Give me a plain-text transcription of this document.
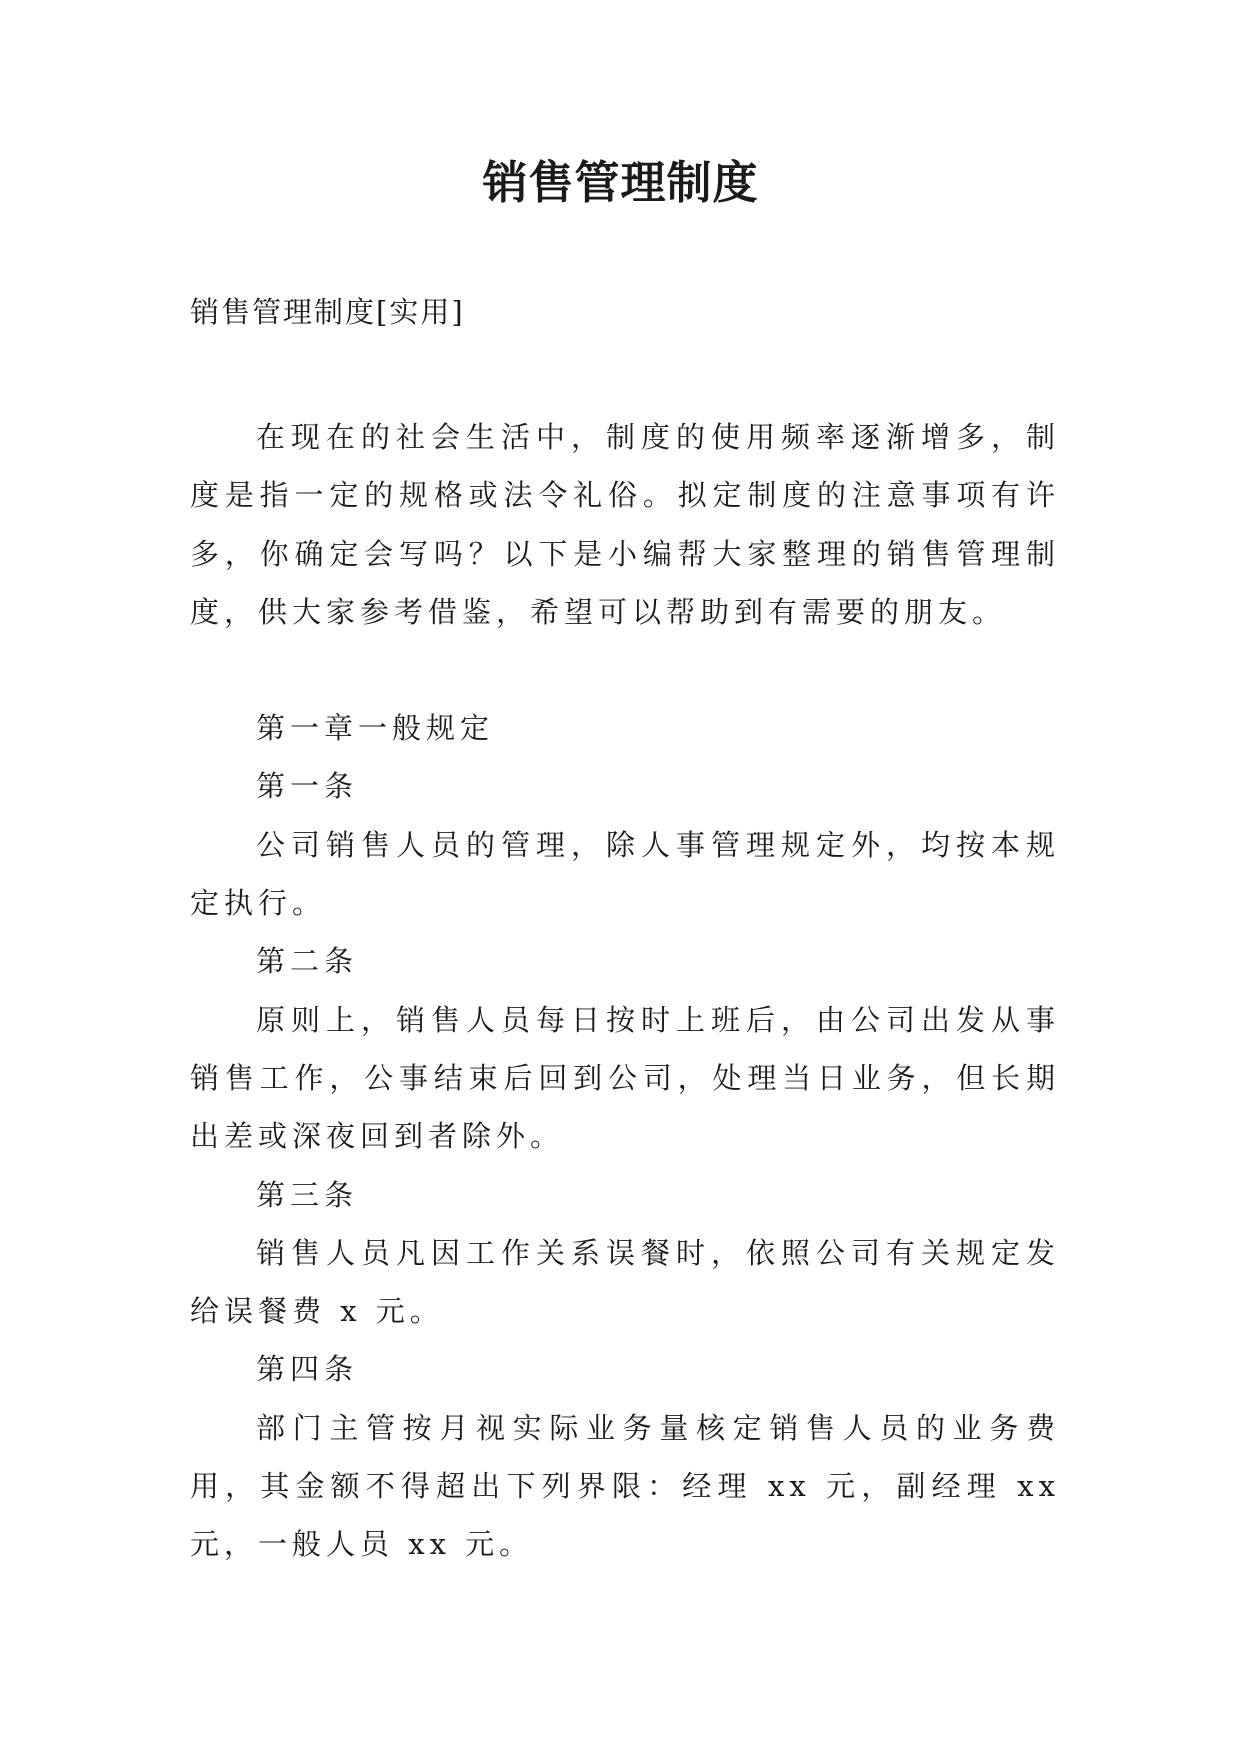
销售管理制度
销售管理制度[实用]

在现在的社会生活中，制度的使用频率逐渐增多，制度是指一定的规格或法令礼俗。拟定制度的注意事项有许多，你确定会写吗？以下是小编帮大家整理的销售管理制度，供大家参考借鉴，希望可以帮助到有需要的朋友。

第一章一般规定

第一条

公司销售人员的管理，除人事管理规定外，均按本规定执行。

第二条

原则上，销售人员每日按时上班后，由公司出发从事销售工作，公事结束后回到公司，处理当日业务，但长期出差或深夜回到者除外。

第三条

销售人员凡因工作关系误餐时，依照公司有关规定发给误餐费 x 元。

第四条

部门主管按月视实际业务量核定销售人员的业务费用，其金额不得超出下列界限：经理 xx 元，副经理 xx 元，一般人员 xx 元。
